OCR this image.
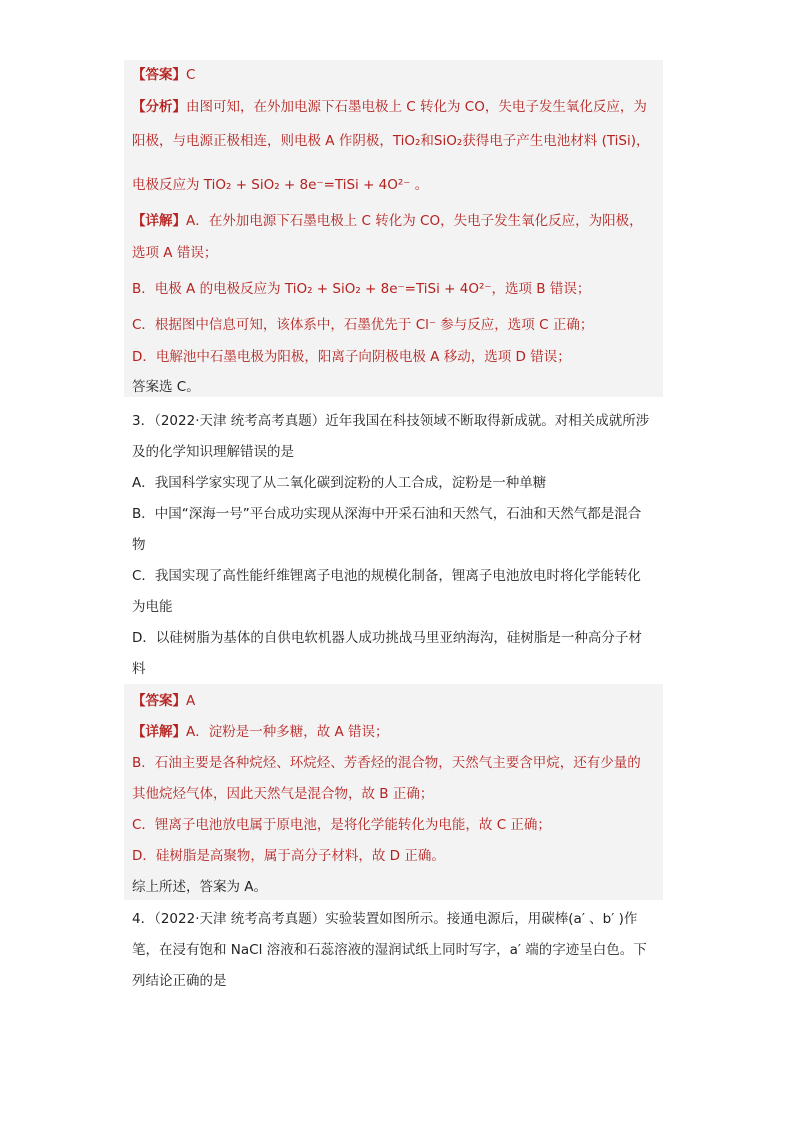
【答案】C
【分析】由图可知，在外加电源下石墨电极上 C 转化为 CO，失电子发生氧化反应，为
阳极，与电源正极相连，则电极 A 作阴极，TiO₂和SiO₂获得电子产生电池材料 (TiSi)，
电极反应为 TiO₂ + SiO₂ + 8e⁻=TiSi + 4O²⁻ 。
【详解】A．在外加电源下石墨电极上 C 转化为 CO，失电子发生氧化反应，为阳极，
选项 A 错误；
B．电极 A 的电极反应为 TiO₂ + SiO₂ + 8e⁻=TiSi + 4O²⁻，选项 B 错误；
C．根据图中信息可知，该体系中，石墨优先于 Cl⁻ 参与反应，选项 C 正确；
D．电解池中石墨电极为阳极，阳离子向阴极电极 A 移动，选项 D 错误；
答案选 C。
3．（2022·天津 统考高考真题）近年我国在科技领域不断取得新成就。对相关成就所涉
及的化学知识理解错误的是
A．我国科学家实现了从二氧化碳到淀粉的人工合成，淀粉是一种单糖
B．中国“深海一号”平台成功实现从深海中开采石油和天然气，石油和天然气都是混合
物
C．我国实现了高性能纤维锂离子电池的规模化制备，锂离子电池放电时将化学能转化
为电能
D．以硅树脂为基体的自供电软机器人成功挑战马里亚纳海沟，硅树脂是一种高分子材
料
【答案】A
【详解】A．淀粉是一种多糖，故 A 错误；
B．石油主要是各种烷烃、环烷烃、芳香烃的混合物，天然气主要含甲烷，还有少量的
其他烷烃气体，因此天然气是混合物，故 B 正确；
C．锂离子电池放电属于原电池，是将化学能转化为电能，故 C 正确；
D．硅树脂是高聚物，属于高分子材料，故 D 正确。
综上所述，答案为 A。
4．（2022·天津 统考高考真题）实验装置如图所示。接通电源后，用碳棒(a′ 、b′ )作
笔，在浸有饱和 NaCl 溶液和石蕊溶液的湿润试纸上同时写字，a′ 端的字迹呈白色。下
列结论正确的是
